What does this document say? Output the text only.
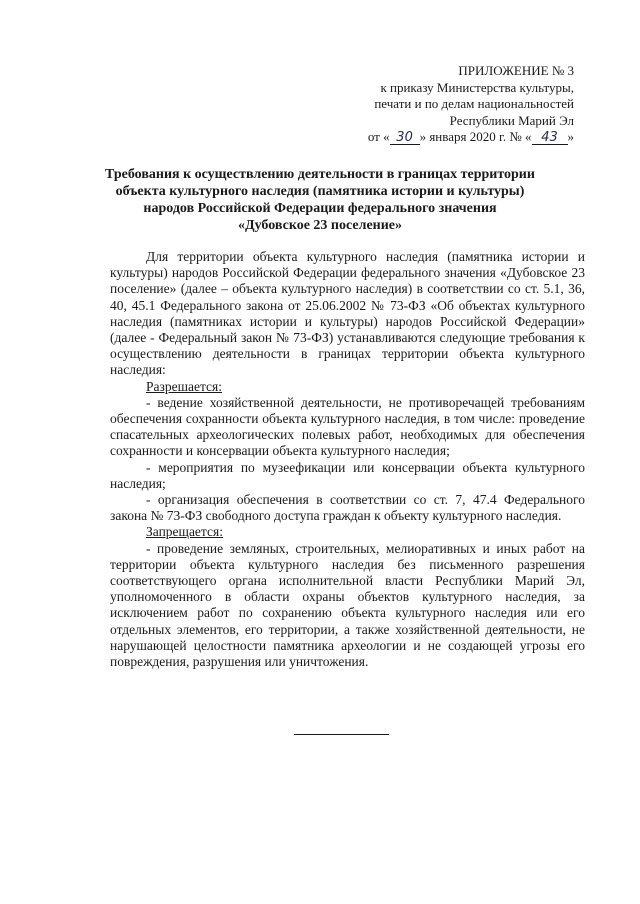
ПРИЛОЖЕНИЕ № 3
к приказу Министерства культуры,
печати и по делам национальностей
Республики Марий Эл
от « 30 » января 2020 г. № « 43 »
Требования к осуществлению деятельности в границах территории
объекта культурного наследия (памятника истории и культуры)
народов Российской Федерации федерального значения
«Дубовское 23 поселение»

Для территории объекта культурного наследия (памятника истории и культуры) народов Российской Федерации федерального значения «Дубовское 23 поселение» (далее – объекта культурного наследия) в соответствии со ст. 5.1, 36, 40, 45.1 Федерального закона от 25.06.2002 № 73-ФЗ «Об объектах культурного наследия (памятниках истории и культуры) народов Российской Федерации» (далее - Федеральный закон № 73-ФЗ) устанавливаются следующие требования к осуществлению деятельности в границах территории объекта культурного наследия:

Разрешается:

- ведение хозяйственной деятельности, не противоречащей требованиям обеспечения сохранности объекта культурного наследия, в том числе: проведение спасательных археологических полевых работ, необходимых для обеспечения сохранности и консервации объекта культурного наследия;

- мероприятия по музеефикации или консервации объекта культурного наследия;

- организация обеспечения в соответствии со ст. 7, 47.4 Федерального закона № 73-ФЗ свободного доступа граждан к объекту культурного наследия.

Запрещается:

- проведение земляных, строительных, мелиоративных и иных работ на территории объекта культурного наследия без письменного разрешения соответствующего органа исполнительной власти Республики Марий Эл, уполномоченного в области охраны объектов культурного наследия, за исключением работ по сохранению объекта культурного наследия или его отдельных элементов, его территории, а также хозяйственной деятельности, не нарушающей целостности памятника археологии и не создающей угрозы его повреждения, разрушения или уничтожения.
